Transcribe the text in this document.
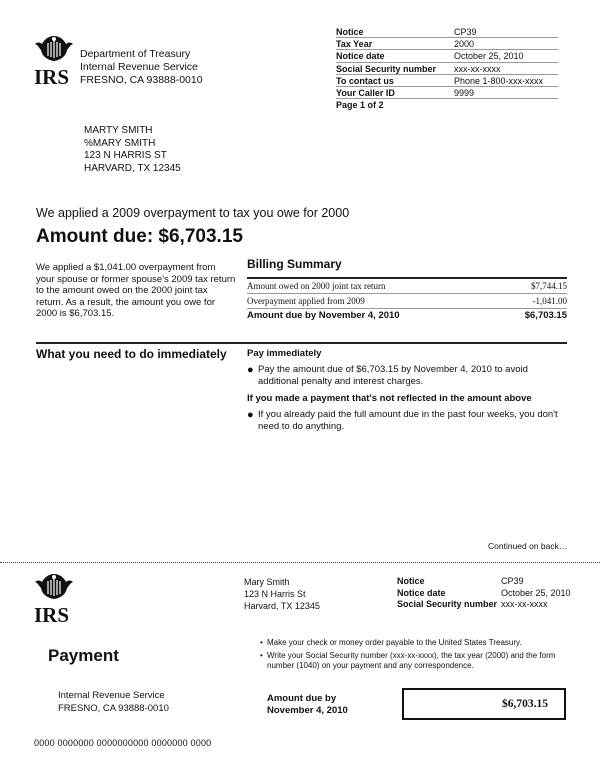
IRS
Department of Treasury
Internal Revenue Service
FRESNO, CA 93888-0010
Notice	CP39
Tax Year	2000
Notice date	October 25, 2010
Social Security number	xxx-xx-xxxx
To contact us	Phone 1-800-xxx-xxxx
Your Caller ID	9999
Page 1 of 2
MARTY SMITH
%MARY SMITH
123 N HARRIS ST
HARVARD, TX 12345
We applied a 2009 overpayment to tax you owe for 2000
Amount due: $6,703.15
We applied a $1,041.00 overpayment from your spouse or former spouse's 2009 tax return to the amount owed on the 2000 joint tax return. As a result, the amount you owe for 2000 is $6,703.15.
Billing Summary
Amount owed on 2000 joint tax return	$7,744.15
Overpayment applied from 2009	-1,041.00
Amount due by November 4, 2010	$6,703.15
What you need to do immediately Pay immediately
● Pay the amount due of $6,703.15 by November 4, 2010 to avoid additional penalty and interest charges.
If you made a payment that's not reflected in the amount above
● If you already paid the full amount due in the past four weeks, you don't need to do anything.
Continued on back…
IRS
Mary Smith
123 N Harris St
Harvard, TX 12345
Notice	CP39
Notice date	October 25, 2010
Social Security number xxx-xx-xxxx
Payment
• Make your check or money order payable to the United States Treasury.
• Write your Social Security number (xxx-xx-xxxx), the tax year (2000) and the form number (1040) on your payment and any correspondence.
Internal Revenue Service
FRESNO, CA 93888-0010
Amount due by
November 4, 2010	$6,703.15
0000 0000000 0000000000 0000000 0000
